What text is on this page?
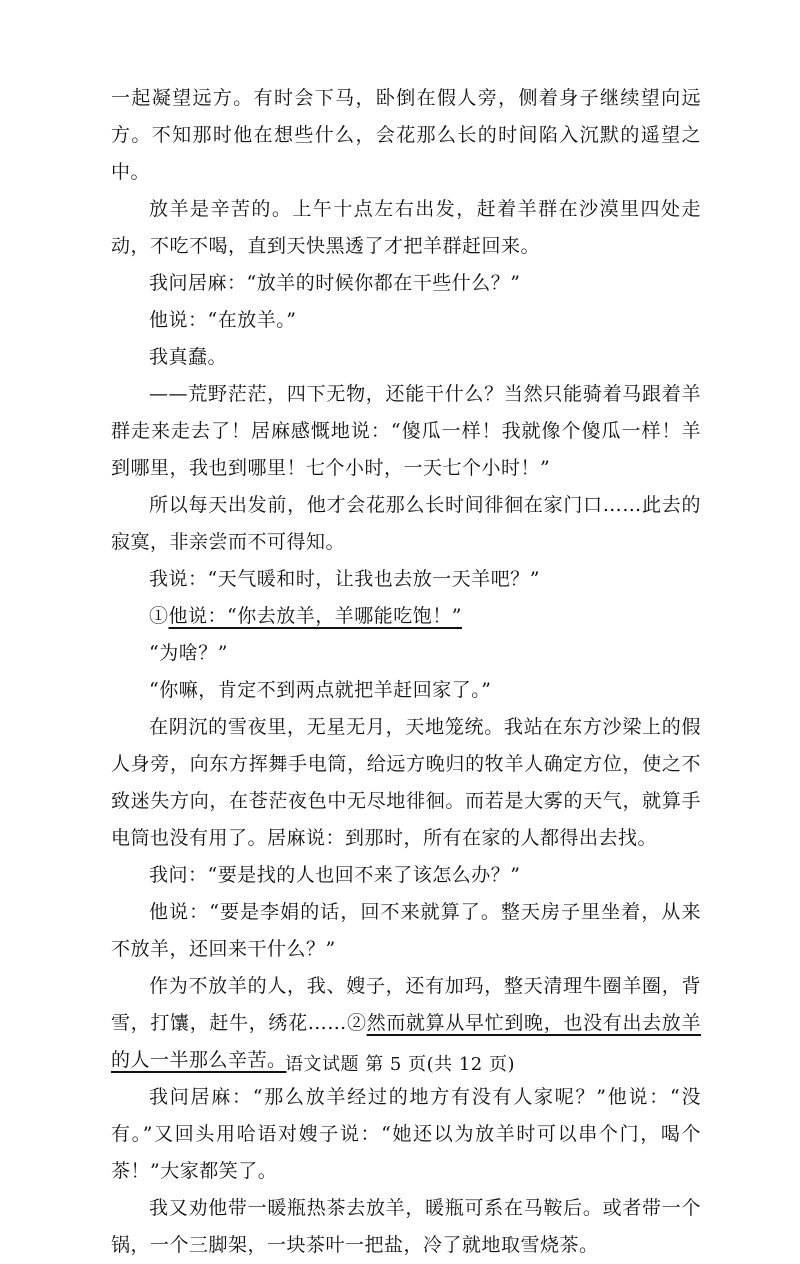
一起凝望远方。有时会下马，卧倒在假人旁，侧着身子继续望向远方。不知那时他在想些什么，会花那么长的时间陷入沉默的遥望之中。

放羊是辛苦的。上午十点左右出发，赶着羊群在沙漠里四处走动，不吃不喝，直到天快黑透了才把羊群赶回来。

我问居麻：“放羊的时候你都在干些什么？”

他说：“在放羊。”

我真蠢。

——荒野茫茫，四下无物，还能干什么？当然只能骑着马跟着羊群走来走去了！居麻感慨地说：“傻瓜一样！我就像个傻瓜一样！羊到哪里，我也到哪里！七个小时，一天七个小时！”

所以每天出发前，他才会花那么长时间徘徊在家门口……此去的寂寞，非亲尝而不可得知。

我说：“天气暖和时，让我也去放一天羊吧？”

①他说：“你去放羊，羊哪能吃饱！”

“为啥？”

“你嘛，肯定不到两点就把羊赶回家了。”

在阴沉的雪夜里，无星无月，天地笼统。我站在东方沙梁上的假人身旁，向东方挥舞手电筒，给远方晚归的牧羊人确定方位，使之不致迷失方向，在苍茫夜色中无尽地徘徊。而若是大雾的天气，就算手电筒也没有用了。居麻说：到那时，所有在家的人都得出去找。

我问：“要是找的人也回不来了该怎么办？”

他说：“要是李娟的话，回不来就算了。整天房子里坐着，从来不放羊，还回来干什么？”

作为不放羊的人，我、嫂子，还有加玛，整天清理牛圈羊圈，背雪，打馕，赶牛，绣花……②然而就算从早忙到晚，也没有出去放羊的人一半那么辛苦。

我问居麻：“那么放羊经过的地方有没有人家呢？”他说：“没有。”又回头用哈语对嫂子说：“她还以为放羊时可以串个门，喝个茶！”大家都笑了。

我又劝他带一暖瓶热茶去放羊，暖瓶可系在马鞍后。或者带一个锅，一个三脚架，一块茶叶一把盐，冷了就地取雪烧茶。

语文试题 第 5 页(共 12 页)
